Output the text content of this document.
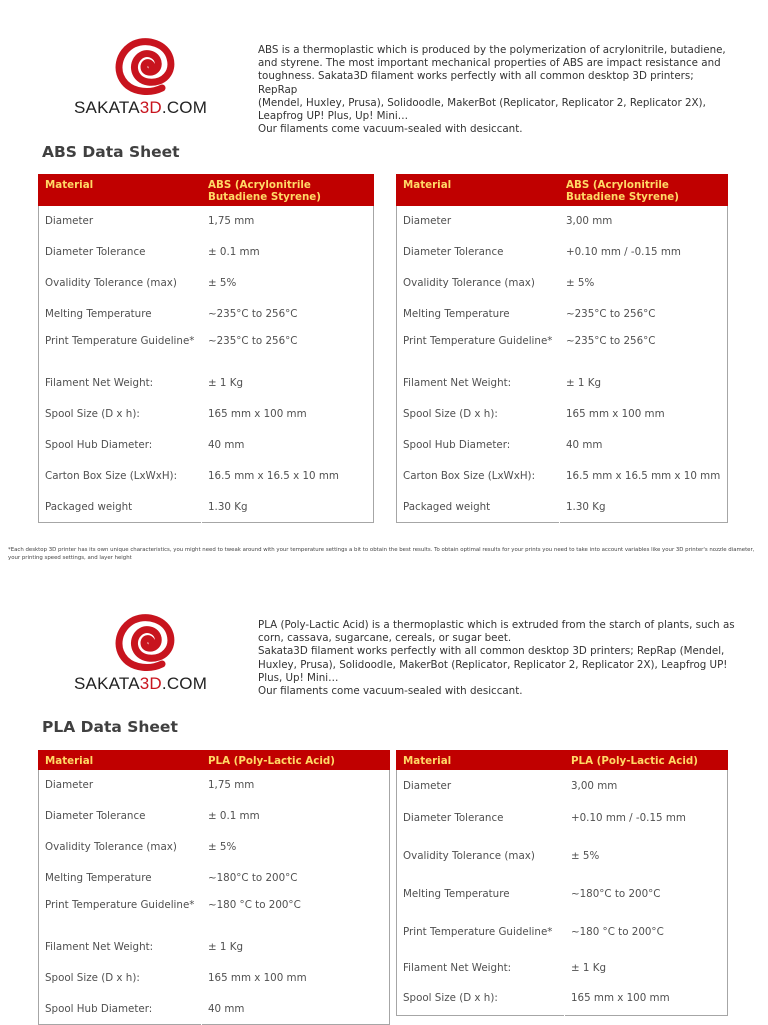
SAKATA3D.COM
ABS is a thermoplastic which is produced by the polymerization of acrylonitrile, butadiene,
and styrene. The most important mechanical properties of ABS are impact resistance and
toughness. Sakata3D filament works perfectly with all common desktop 3D printers; RepRap
(Mendel, Huxley, Prusa), Solidoodle, MakerBot (Replicator, Replicator 2, Replicator 2X),
Leapfrog UP! Plus, Up! Mini…
Our filaments come vacuum-sealed with desiccant.
ABS Data Sheet
Material	ABS (Acrylonitrile Butadiene Styrene)
Diameter	1,75 mm
Diameter Tolerance	± 0.1 mm
Ovalidity Tolerance (max)	± 5%
Melting Temperature	~235°C to 256°C
Print Temperature Guideline*	~235°C to 256°C
Filament Net Weight:	± 1 Kg
Spool Size (D x h):	165 mm x 100 mm
Spool Hub Diameter:	40 mm
Carton Box Size (LxWxH):	16.5 mm x 16.5 x 10 mm
Packaged weight	1.30 Kg
Material	ABS (Acrylonitrile Butadiene Styrene)
Diameter	3,00 mm
Diameter Tolerance	+0.10 mm / -0.15 mm
Ovalidity Tolerance (max)	± 5%
Melting Temperature	~235°C to 256°C
Print Temperature Guideline*	~235°C to 256°C
Filament Net Weight:	± 1 Kg
Spool Size (D x h):	165 mm x 100 mm
Spool Hub Diameter:	40 mm
Carton Box Size (LxWxH):	16.5 mm x 16.5 mm x 10 mm
Packaged weight	1.30 Kg
*Each desktop 3D printer has its own unique characteristics, you might need to tweak around with your temperature settings a bit to obtain the best results. To obtain optimal results for your prints you need to take into account variables like your 3D printer's nozzle diameter, your printing speed settings, and layer height
SAKATA3D.COM
PLA (Poly-Lactic Acid) is a thermoplastic which is extruded from the starch of plants, such as
corn, cassava, sugarcane, cereals, or sugar beet.
Sakata3D filament works perfectly with all common desktop 3D printers; RepRap (Mendel,
Huxley, Prusa), Solidoodle, MakerBot (Replicator, Replicator 2, Replicator 2X), Leapfrog UP!
Plus, Up! Mini…
Our filaments come vacuum-sealed with desiccant.
PLA Data Sheet
Material	PLA (Poly-Lactic Acid)
Diameter	1,75 mm
Diameter Tolerance	± 0.1 mm
Ovalidity Tolerance (max)	± 5%
Melting Temperature	~180°C to 200°C
Print Temperature Guideline*	~180 °C to 200°C
Filament Net Weight:	± 1 Kg
Spool Size (D x h):	165 mm x 100 mm
Spool Hub Diameter:	40 mm
Material	PLA (Poly-Lactic Acid)
Diameter	3,00 mm
Diameter Tolerance	+0.10 mm / -0.15 mm
Ovalidity Tolerance (max)	± 5%
Melting Temperature	~180°C to 200°C
Print Temperature Guideline*	~180 °C to 200°C
Filament Net Weight:	± 1 Kg
Spool Size (D x h):	165 mm x 100 mm
